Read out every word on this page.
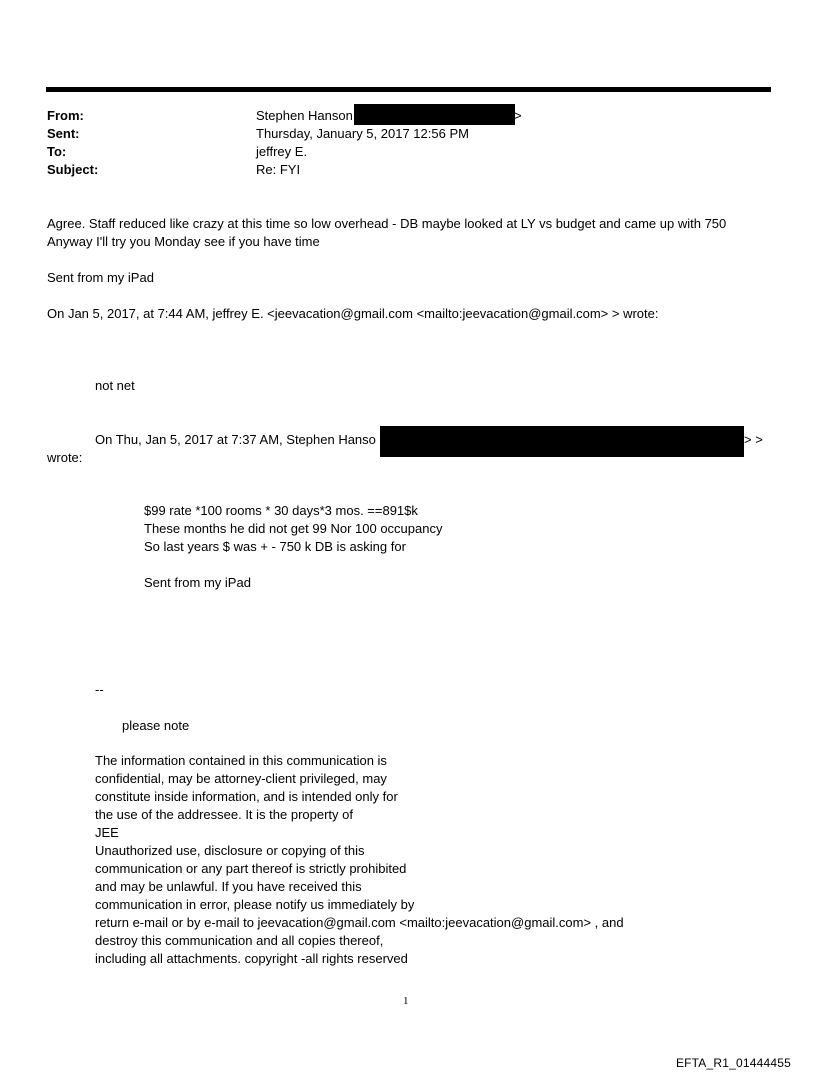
From:	Stephen Hanson	>
Sent:	Thursday, January 5, 2017 12:56 PM
To:	jeffrey E.
Subject:	Re: FYI
Agree. Staff reduced like crazy at this time so low overhead - DB maybe looked at LY vs budget and came up with 750
Anyway I'll try you Monday see if you have time
Sent from my iPad
On Jan 5, 2017, at 7:44 AM, jeffrey E. <jeevacation@gmail.com <mailto:jeevacation@gmail.com> > wrote:
not net
On Thu, Jan 5, 2017 at 7:37 AM, Stephen Hanso	> >
wrote:
$99 rate *100 rooms * 30 days*3 mos. ==891$k
These months he did not get 99 Nor 100 occupancy
So last years $ was + - 750 k DB is asking for
Sent from my iPad
--
please note
The information contained in this communication is
confidential, may be attorney-client privileged, may
constitute inside information, and is intended only for
the use of the addressee. It is the property of
JEE
Unauthorized use, disclosure or copying of this
communication or any part thereof is strictly prohibited
and may be unlawful. If you have received this
communication in error, please notify us immediately by
return e-mail or by e-mail to jeevacation@gmail.com <mailto:jeevacation@gmail.com> , and
destroy this communication and all copies thereof,
including all attachments. copyright -all rights reserved
1
EFTA_R1_01444455
